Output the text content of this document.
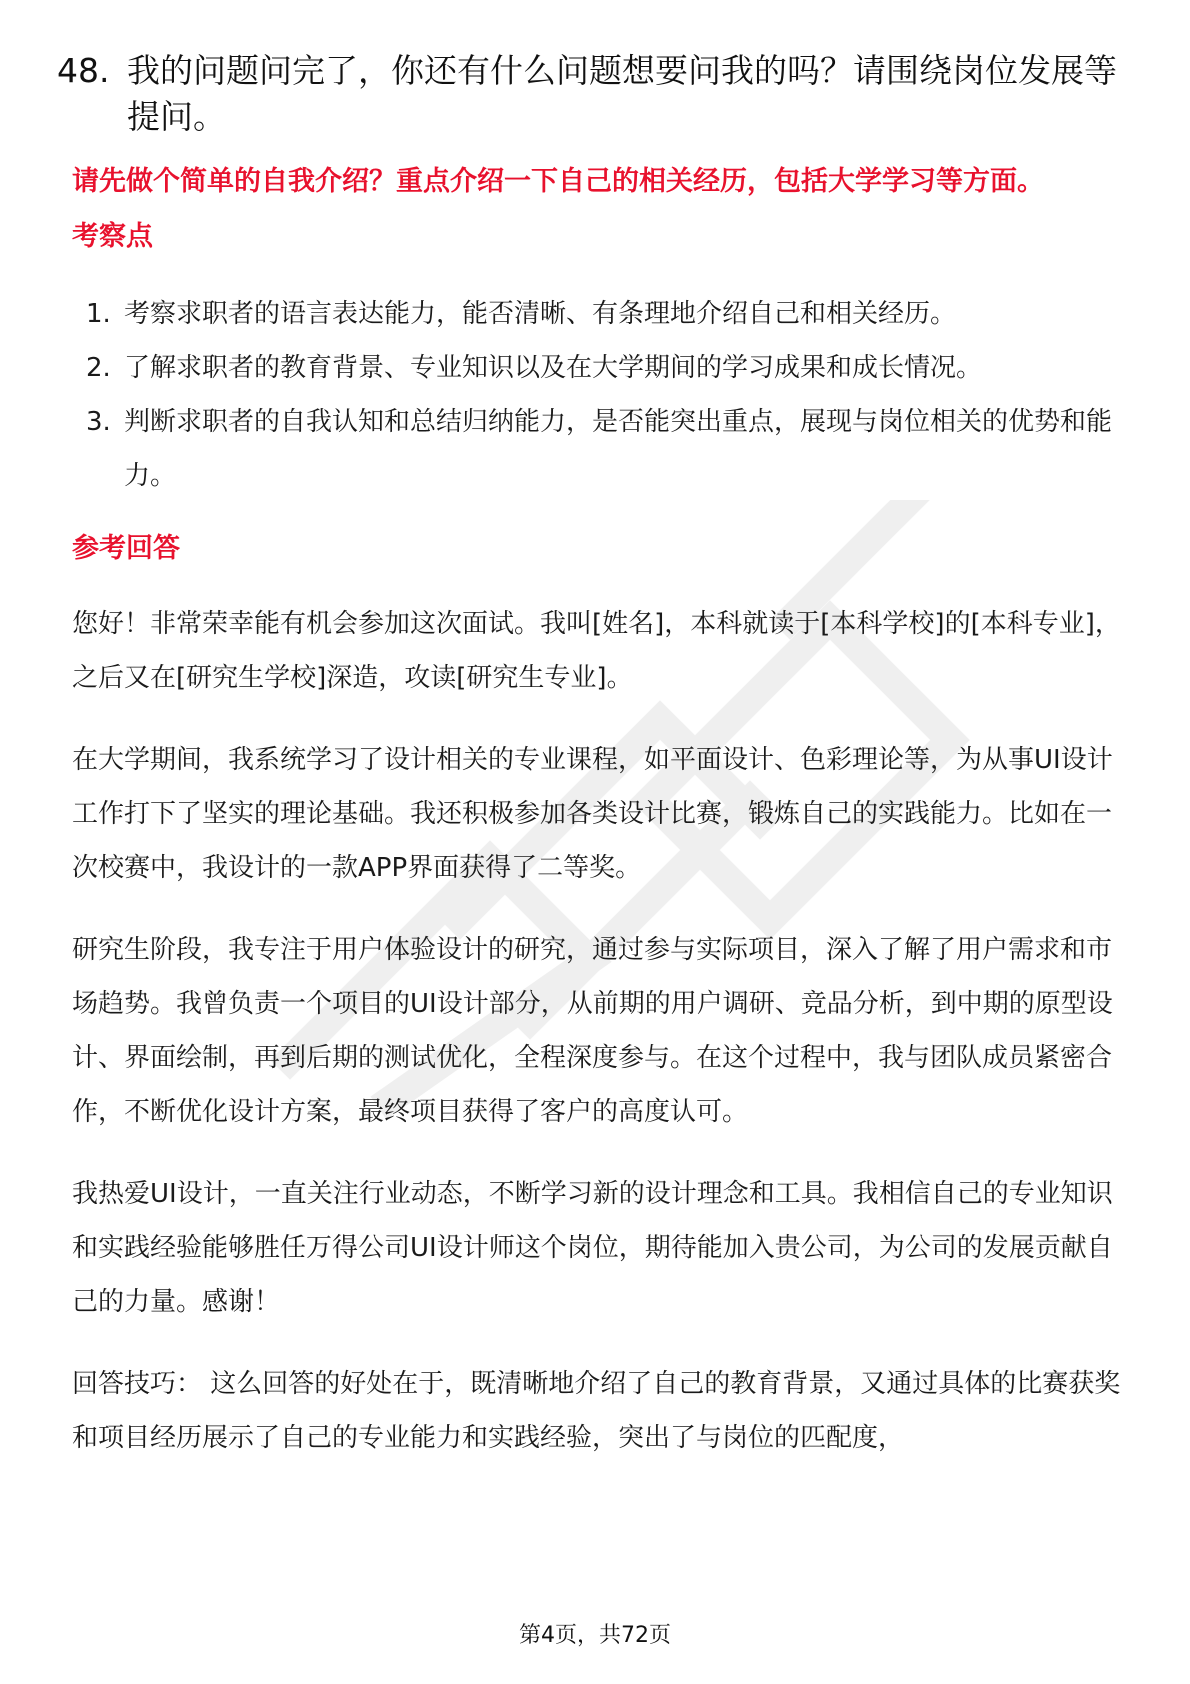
48. 我的问题问完了，你还有什么问题想要问我的吗？请围绕岗位发展等提问。
请先做个简单的自我介绍？重点介绍一下自己的相关经历，包括大学学习等方面。
考察点
1. 考察求职者的语言表达能力，能否清晰、有条理地介绍自己和相关经历。
2. 了解求职者的教育背景、专业知识以及在大学期间的学习成果和成长情况。
3. 判断求职者的自我认知和总结归纳能力，是否能突出重点，展现与岗位相关的优势和能力。
参考回答

您好！非常荣幸能有机会参加这次面试。我叫[姓名]，本科就读于[本科学校]的[本科专业]，之后又在[研究生学校]深造，攻读[研究生专业]。

在大学期间，我系统学习了设计相关的专业课程，如平面设计、色彩理论等，为从事UI设计工作打下了坚实的理论基础。我还积极参加各类设计比赛，锻炼自己的实践能力。比如在一次校赛中，我设计的一款APP界面获得了二等奖。

研究生阶段，我专注于用户体验设计的研究，通过参与实际项目，深入了解了用户需求和市场趋势。我曾负责一个项目的UI设计部分，从前期的用户调研、竞品分析，到中期的原型设计、界面绘制，再到后期的测试优化，全程深度参与。在这个过程中，我与团队成员紧密合作，不断优化设计方案，最终项目获得了客户的高度认可。

我热爱UI设计，一直关注行业动态，不断学习新的设计理念和工具。我相信自己的专业知识和实践经验能够胜任万得公司UI设计师这个岗位，期待能加入贵公司，为公司的发展贡献自己的力量。感谢！

回答技巧： 这么回答的好处在于，既清晰地介绍了自己的教育背景，又通过具体的比赛获奖和项目经历展示了自己的专业能力和实践经验，突出了与岗位的匹配度，

第4页，共72页
